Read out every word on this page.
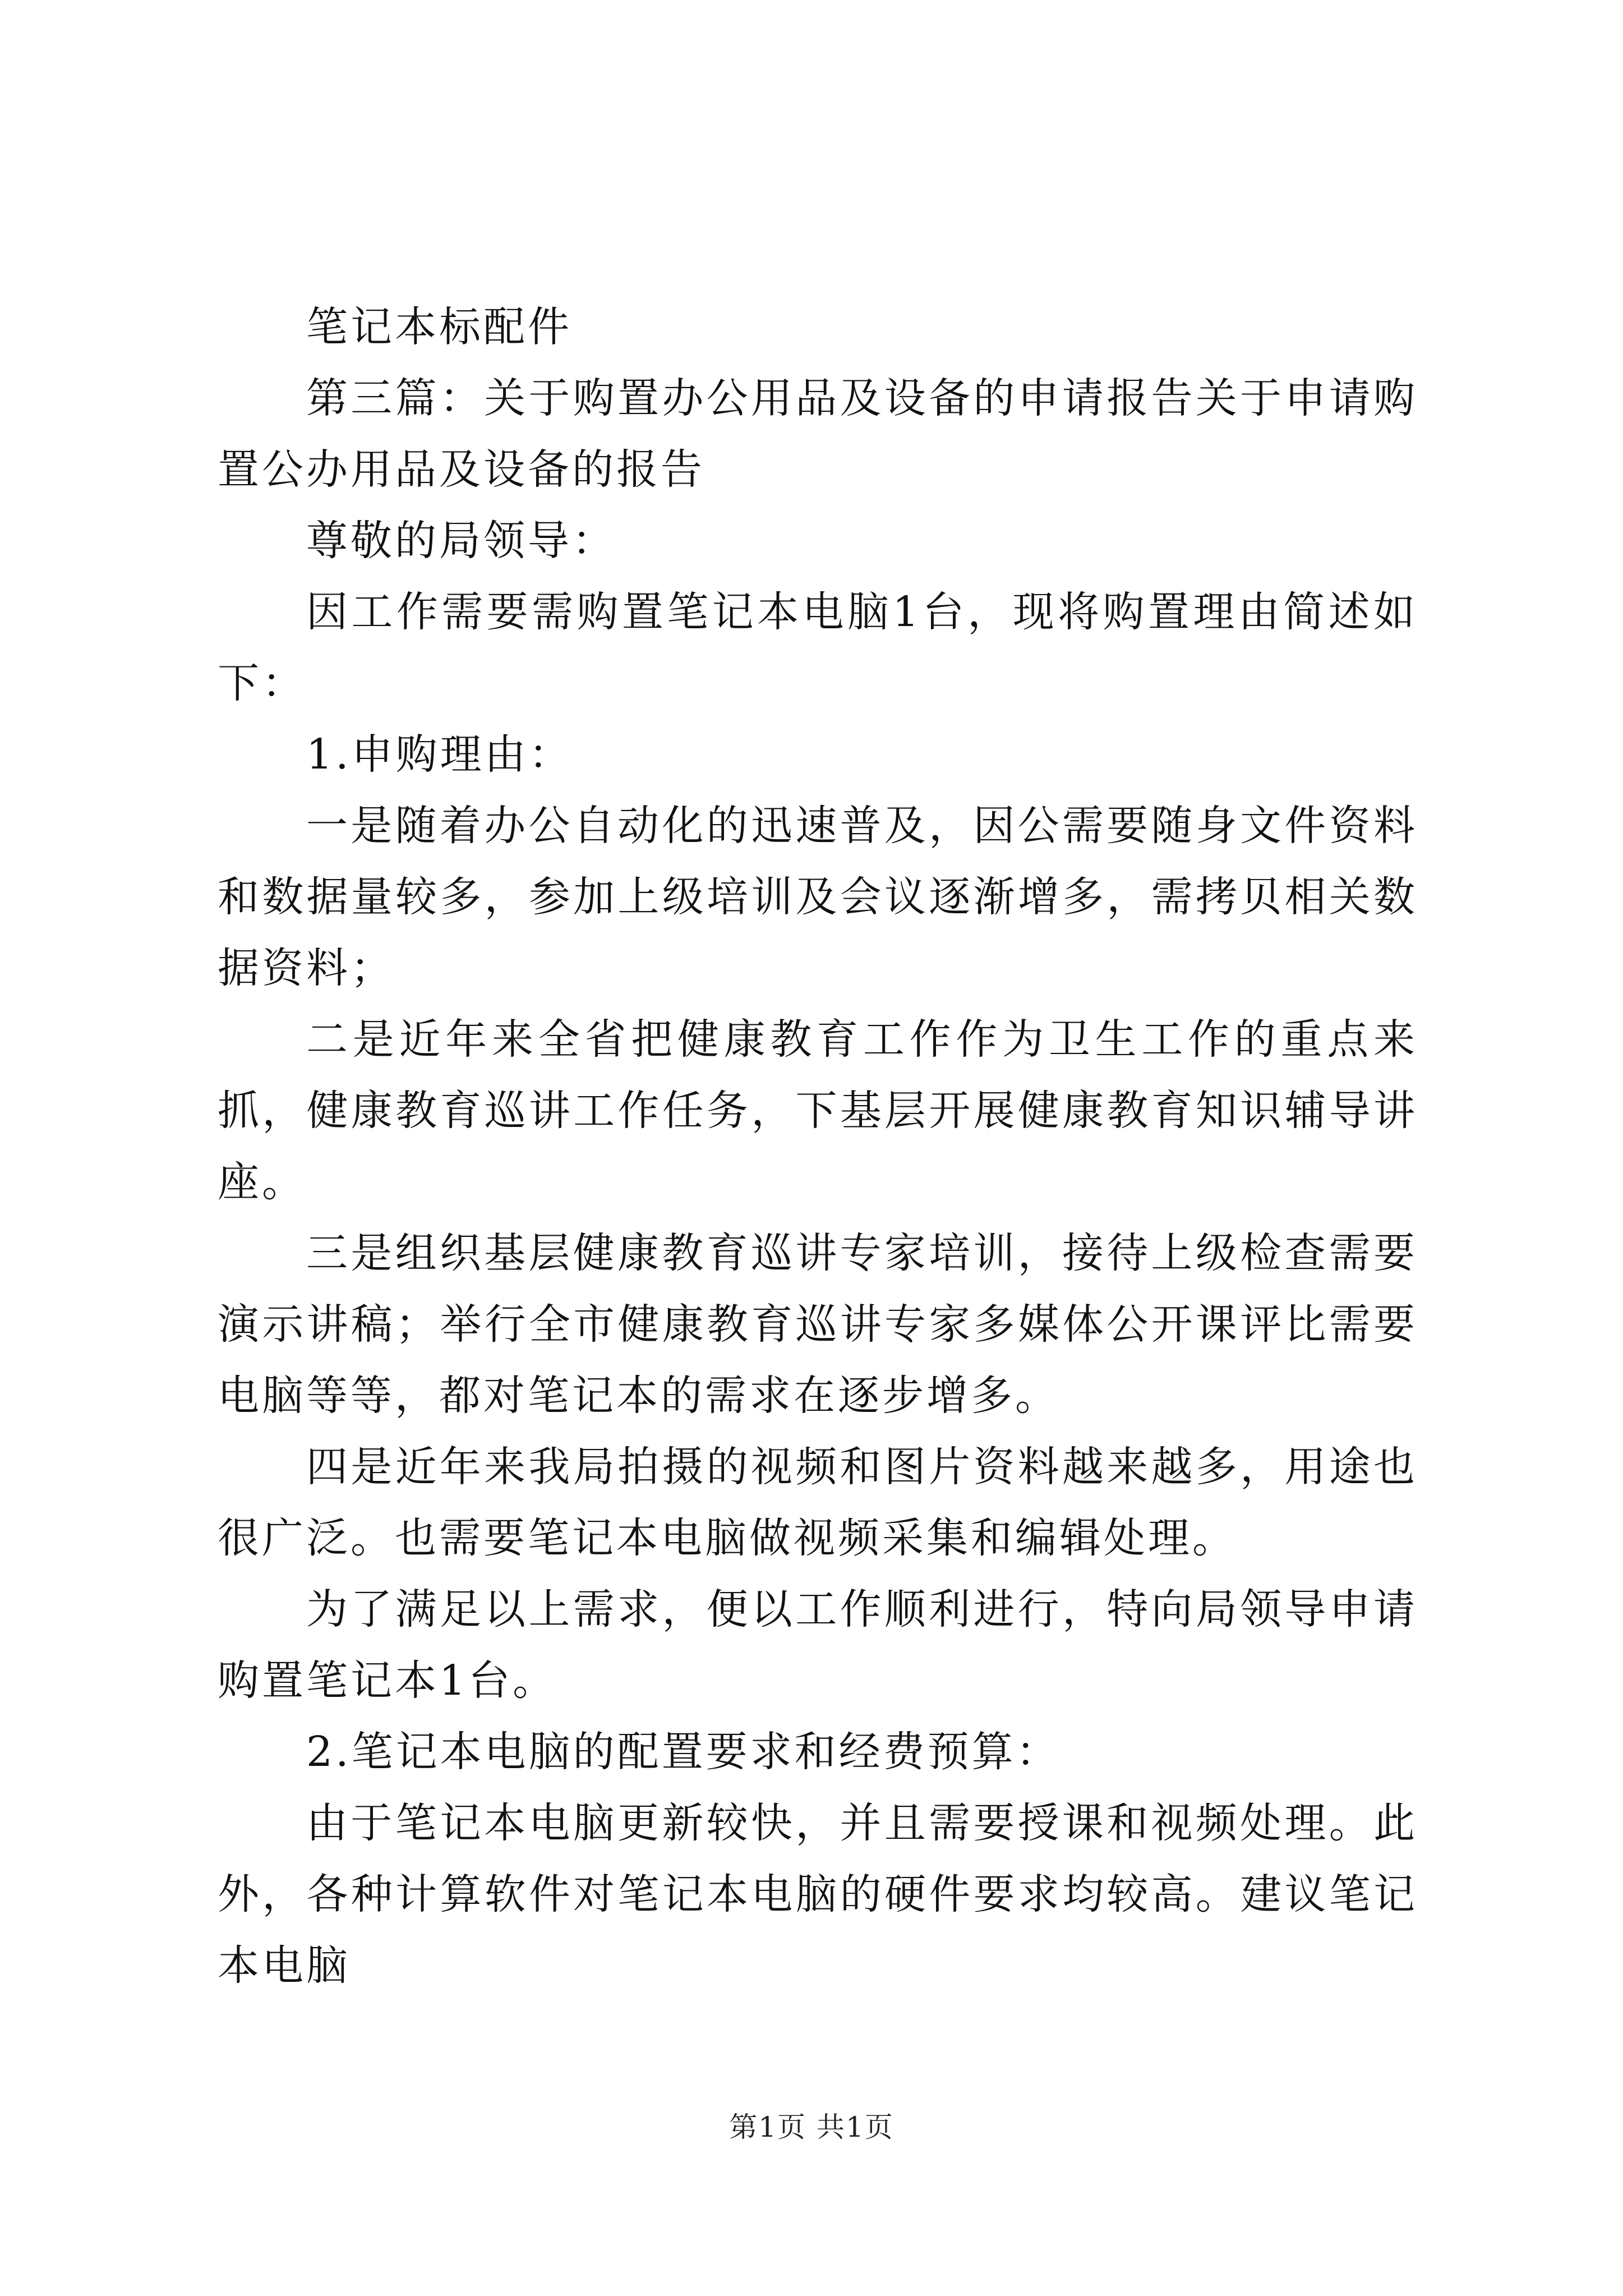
笔记本标配件

第三篇：关于购置办公用品及设备的申请报告关于申请购置公办用品及设备的报告

尊敬的局领导：

因工作需要需购置笔记本电脑1台，现将购置理由简述如下：

1.申购理由：

一是随着办公自动化的迅速普及，因公需要随身文件资料和数据量较多，参加上级培训及会议逐渐增多，需拷贝相关数据资料；

二是近年来全省把健康教育工作作为卫生工作的重点来抓，健康教育巡讲工作任务，下基层开展健康教育知识辅导讲座。

三是组织基层健康教育巡讲专家培训，接待上级检查需要演示讲稿；举行全市健康教育巡讲专家多媒体公开课评比需要电脑等等，都对笔记本的需求在逐步增多。

四是近年来我局拍摄的视频和图片资料越来越多，用途也很广泛。也需要笔记本电脑做视频采集和编辑处理。

为了满足以上需求，便以工作顺利进行，特向局领导申请购置笔记本1台。

2.笔记本电脑的配置要求和经费预算：

由于笔记本电脑更新较快，并且需要授课和视频处理。此外，各种计算软件对笔记本电脑的硬件要求均较高。建议笔记本电脑

第1页 共1页
